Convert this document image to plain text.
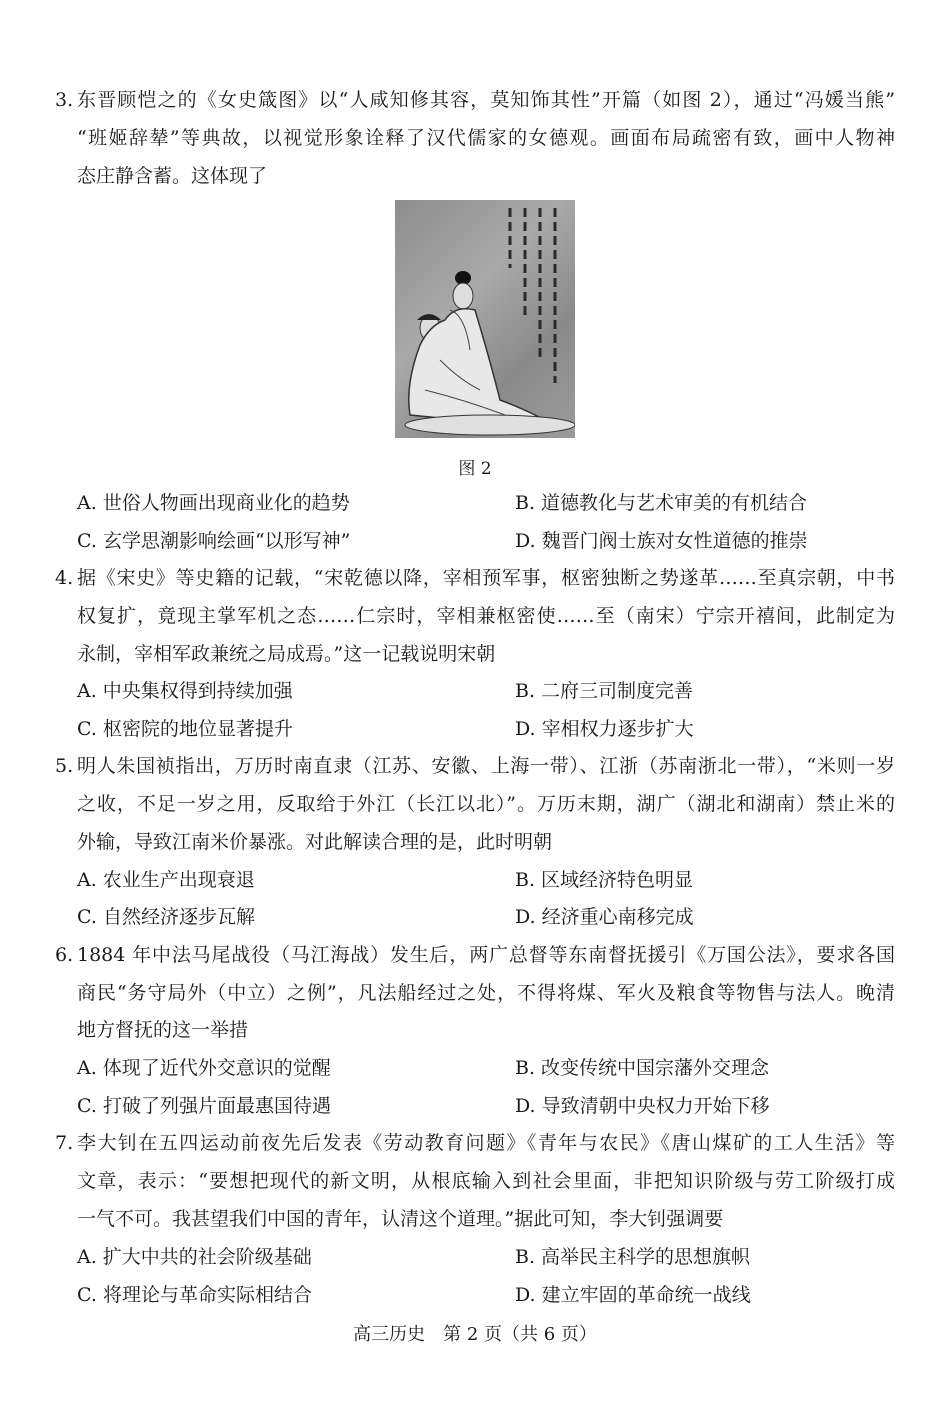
3. 东晋顾恺之的《女史箴图》以“人咸知修其容，莫知饰其性”开篇（如图 2），通过“冯媛当熊”
“班姬辞辇”等典故，以视觉形象诠释了汉代儒家的女德观。画面布局疏密有致，画中人物神
态庄静含蓄。这体现了
图 2
A. 世俗人物画出现商业化的趋势	B. 道德教化与艺术审美的有机结合
C. 玄学思潮影响绘画“以形写神”	D. 魏晋门阀士族对女性道德的推崇
4. 据《宋史》等史籍的记载，“宋乾德以降，宰相预军事，枢密独断之势遂革……至真宗朝，中书
权复扩，竟现主掌军机之态……仁宗时，宰相兼枢密使……至（南宋）宁宗开禧间，此制定为
永制，宰相军政兼统之局成焉。”这一记载说明宋朝
A. 中央集权得到持续加强	B. 二府三司制度完善
C. 枢密院的地位显著提升	D. 宰相权力逐步扩大
5. 明人朱国祯指出，万历时南直隶（江苏、安徽、上海一带）、江浙（苏南浙北一带），“米则一岁
之收，不足一岁之用，反取给于外江（长江以北）”。万历末期，湖广（湖北和湖南）禁止米的
外输，导致江南米价暴涨。对此解读合理的是，此时明朝
A. 农业生产出现衰退	B. 区域经济特色明显
C. 自然经济逐步瓦解	D. 经济重心南移完成
6. 1884 年中法马尾战役（马江海战）发生后，两广总督等东南督抚援引《万国公法》，要求各国
商民“务守局外（中立）之例”，凡法船经过之处，不得将煤、军火及粮食等物售与法人。晚清
地方督抚的这一举措
A. 体现了近代外交意识的觉醒	B. 改变传统中国宗藩外交理念
C. 打破了列强片面最惠国待遇	D. 导致清朝中央权力开始下移
7. 李大钊在五四运动前夜先后发表《劳动教育问题》《青年与农民》《唐山煤矿的工人生活》等
文章，表示：“要想把现代的新文明，从根底输入到社会里面，非把知识阶级与劳工阶级打成
一气不可。我甚望我们中国的青年，认清这个道理。”据此可知，李大钊强调要
A. 扩大中共的社会阶级基础	B. 高举民主科学的思想旗帜
C. 将理论与革命实际相结合	D. 建立牢固的革命统一战线
高三历史　第 2 页（共 6 页）
